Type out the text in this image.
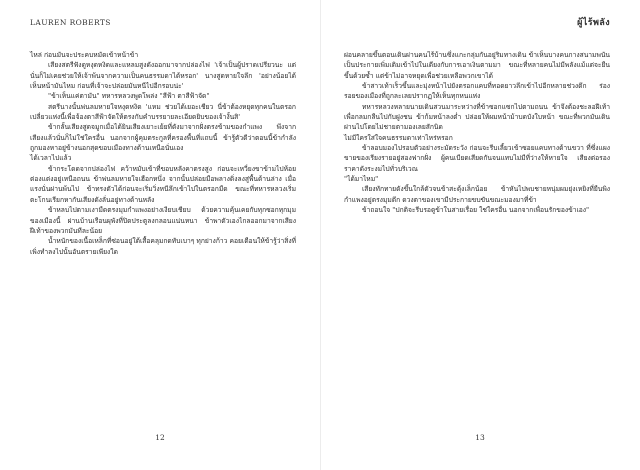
LAUREN ROBERTS

ไหล่ ก่อนมันจะประคบหมัดเข้าหน้าข้า

เสียงสตรีฟังดูหงุดหงิดและแหลมสูงดังออกมาจากปล่องไฟ 'เจ้าเป็นผู้ปราดเปรียวนะ แต่นั่นก็ไม่เคยช่วยให้เจ้าพ้นจากความเป็นคนธรรมดาได้หรอก' นางสูดหายใจลึก 'อย่างน้อยได้เห็นหน้ามันไหม ก่อนที่เจ้าจะปล่อยมันหนีไปอีกรอบน่ะ'

"ข้าเห็นแค่ตามัน" ทหารหลวงพูดโพล่ง "สีฟ้า ตาสีฟ้าจัด"

สตรีนางนั้นพ่นลมหายใจหงุดหงิด 'แหม ช่วยได้เยอะเชียว นี่ข้าต้องหยุดทุกคนในตรอกเปลี่ยวแห่งนี้เพื่อจ้องตาสีฟ้าจัดให้ตรงกับคำบรรยายละเอียดยิบของเจ้างั้นสิ'

ข้ากลั้นเสียงสูดจมูกเมื่อได้ยินเสียงเยาะเย้ยที่ดังมาจากฝั่งตรงข้ามของกำแพง พึงจากเสียงแล้วนั่นก็ไม่ใช่ใครอื่น นอกจากผู้คุมตระกูลที่ครองพื้นที่แถบนี้ ข้ารู้ตัวดีว่าตอนนี้ข้ากำลังถูกมองหาอยู่ข้างนอกสุดขอบเมืองทางด้านเหนือนั่นเอง

ได้เวลาไปแล้ว

ข้ากระโดดจากปล่องไฟ คว้าหมับเข้าที่ขอบหลังคาตรงสูง ก่อนจะเหวี่ยงขาข้ามไปห้อยต่องแต่งอยู่เหนือถนน ข้าพ่นลมหายใจเฮือกหนึ่ง จากนั้นปล่อยมือพลางดิ่งลงสู่พื้นด้านล่าง เมื่อแรงนั่นผ่านพ้นไป ข้าทรงตัวได้ก่อนจะเริ่มวิ่งหนีลึกเข้าไปในตรอกมืด ขณะที่ทหารหลวงเริ่มตะโกนเรียกหากันเสียงดังลั่นอยู่ทางด้านหลัง

ข้าหลบไปตามเงามืดตรงมุมกำแพงอย่างเงียบเชียบ ด้วยความคุ้นเคยกับทุกซอกทุกมุมของเมืองนี้ ผ่านบ้านเรือนผุพังที่ปิดประตูลงกลอนแน่นหนา ข้าพาตัวเองไกลออกมาจากเสียงฝีเท้าของพวกมันทีละน้อย

น้ำหนักของเนื้อเหล็กที่ซ่อนอยู่ใต้เสื้อคลุมกดทับเบาๆ ทุกย่างก้าว คอยเตือนให้ข้ารู้ว่าสิ่งที่เพิ่งทำลงไปนั้นอันตรายเพียงใด

12
ผู้ไร้พลัง

ผ่อนคลายขึ้นตอนเดินผ่านคนไร้บ้านซึ่งแกะกลุ่มกันอยู่ริมทางเดิน ข้าเห็นบางคนกางสนามพนันเป็นประกายเพิ่มเติมเข้าไปในเดียงกับการเอาเงินตามมา ขณะที่หลายคนไม่มีพลังแม้แต่จะยืนขึ้นด้วยซ้ำ แต่ข้าไม่อาจหยุดเพื่อช่วยเหลือพวกเขาได้

ข้าสาวเท้าเร็วขึ้นและมุ่งหน้าไปยังตรอกแคบที่ทอดยาวลึกเข้าไปอีกหลายช่วงตึก ร่องรอยของเมืองที่ถูกละเลยปรากฏให้เห็นทุกหนแห่ง

ทหารหลวงหลายนายเดินสวนมาระหว่างที่ข้าซอกแซกไปตามถนน ข้าจึงต้องชะลอฝีเท้าเพื่อกลมกลืนไปกับฝูงชน ข้าก้มหน้าลงต่ำ ปล่อยให้ผมหน้าม้าบดบังใบหน้า ขณะที่พวกมันเดินผ่านไปโดยไม่ชายตามองเลยสักนิด

ไม่มีใครใส่ใจคนธรรมดาเท่าไหร่หรอก

ข้าลอบมองไปรอบตัวอย่างระมัดระวัง ก่อนจะรีบเลี้ยวเข้าซอยแคบทางด้านขวา ที่ซึ่งแผงขายของเรียงรายอยู่สองฟากฝั่ง ผู้คนเบียดเสียดกันจนแทบไม่มีที่ว่างให้หายใจ เสียงต่อรองราคาดังระงมไปทั่วบริเวณ

"ได้มาไหม"

เสียงทักทายดังขึ้นใกล้ตัวจนข้าสะดุ้งเล็กน้อย ข้าหันไปพบชายหนุ่มผมยุ่งเหยิงที่ยืนพิงกำแพงอยู่ตรงมุมตึก ดวงตาของเขามีประกายขบขันขณะมองมาที่ข้า

ข้าถอนใจ "ปกติจะรีบรอดูข้าในสายเรื่อย ใช่ใครอื่น นอกจากเพื่อนรักของข้าเอง"

13
